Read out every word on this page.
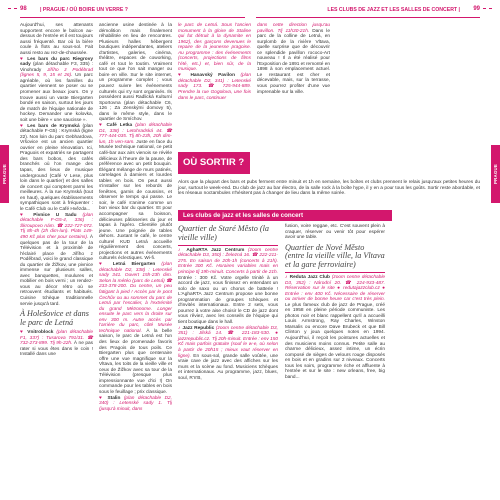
98	| PRAGUE / OÙ BOIRE UN VERRE ?	LES CLUBS DE JAZZ ET LES SALLES DE CONCERT | 99
PRAGUE	PRAGUE

Aujourd'hui, ses attenants supportent encore le balcon au-dessus de l'entrée et il est toujours aussi fréquenté. Bar où la bière coule à flots au sous-sol. Fait aussi resto au rez-de-chaussée.

♥ Les bars du parc Riegrovy sady (plan détachable F3, 335) : Vinohrady Jiřího z Poděbrad (lignes 5, 9, 15 et 26). Un parc agréable, où les familles du quartier viennent se poser ou se promener aux beaux jours. On y trouve aussi un vaste Biergarten bondé en saison, surtout les jours de match de l'équipe nationale de hockey. Demander une kolovka, soit une bière « une saucisse ».

♥ Les bars de Krymská (plan détachable F-G5) : Krymská (ligne 22). Non loin du parc Gebhardova, Vršovice est un ancien quartier ouvrier en pleine rénovation. Ici, Praguois et expatriés se partagent des bars bobos, des cafés branchés où l'on mange des tapas, des lieux de musique underground (Café V Lese, plus loin dans le quartier) et des salles de concert qui comptent parmi les meilleures. À la rue Krymská (tout en haut), quelques établissements sympathiques sont à fréquenter : le Café Club ou le Café Hvězda...

♥ Pivnice U Sadu (plan détachable F-G5-4, 336) : Škroupovo nám. ☎ 222-727-072. Tlj 8h-4h (2h dim-lun). Plats 149-490 Kč plus cher pour certains). À quelques pas de la tour de la Télévision et à proximité de l'éclairé place de Jiřího z Poděbrad, voici le grand classique du quartier de Žižkov, une pivnice immense sur plusieurs salles, avec banquettes, moulures et mobilier en bois verni ; un rendez-vous au décor rétro où se retrouvent étudiants et habitués. Cuisine tchèque traditionnelle servie jusqu'à tard.

À Holešovice et dans le parc de Letná

♥ Vnitroblock (plan détachable F1, 337) : Tusarova 791/31. ☎ 732-273-899. Tlj 9h-22h. À ne pas rater si vous êtes dans le coin ! Installé dans une

ancienne usine destinée à la démolition mais finalement réhabilitée en lieu de rencontres. Plusieurs halles hébergent boutiques indépendantes, ateliers d'artistes, galeries, cinéma, théâtre, espaces de coworking, café et tout le toutim. Vraiment tout ce que l'on sait manger ou boire en ville. Sur le site internet, un programme complet ; vous pouvez suivre les événements culturels qui s'y sont organisés. Ils possèdent aussi Radlická Kulturní Sportovna (plan détachable C6, 126 ; Za Zenskými domovy 5), dans le même style, dans le quartier de Smíchov.

♥ Café Letka (plan détachable D1, 338) : Letohradská 44. ☎ 777-444-035. Tlj 8h-23h, 20h dim-lun, 1h ven-sam. Juste en face du Musée technique national, ce petit café-bar aux airs vienois se révèle délicieux à l'heure de la pause, de préférence avec un petit bouquin. Élégant mélange de murs patinés, carrelages à damiers et lourdes tables en bois. On peut aussi s'installer sur les rebords de fenêtres, garnis de coussins, et observer le temps qui passe. Le soir, le café s'anime comme un bon vieux bar du quartier. Et pour accompagner sa boisson, délicieuses pâtisseries du jour et tapas à l'apéro. Clientèle plutôt jeune. Une poignée de tables dehors. Juxtant le café, le centre culturel KUD Letná accueille régulièrement des concerts, projections et autres événements culturels éclectiques. Wi-fi.

♥ Letná Biergarten (plan détachable D2, 338) : Letenské sady 341. Ouvert 15h-23h dim. Selon la météo (parc de Letná) ☎ 233-378-200. Du centre, un peu fatigant à pied ! Accès par le pont Čechův ou au sommet du parc de Letná par l'escalier, à l'extrémité du grand Métronome. Longer ensuite le parc vers la droite sur env 300 m. Autre accès par l'arrière du parc, côté Musée technique national. À la belle saison, le parc de Letná est l'un des lieux de promenade favoris des Pragois de tous poils. Ce Biergarten plus que centenaire offre une vue magnifique sur la Vltava, les toits de la vieille ville et ceux de Žižkov avec sa tour de la Télévision (presque plus impressionnante vue d'ici !) On commande pour les tables en bois sous le feuillage ; prix classique.

♥ Stalin (plan détachable D2, 340) : Letenské sady 1. Tlj (jusqu'à minuit, dans

le parc de Letná. Sous l'ancien monument à la gloire de Staline qui fut détruit à la dynamite en 1962), des garçons devenues le repaire de la jeunesse pragoise. Au programme : des événements (concerts, projections de films l'été, etc.) et, bien sûr, de la musique.

♥ Hanavský Pavilon (plan détachable D2, 341) : Letenské sady 173. ☎ 725-944-889. Prendre la rue Gogolova, une fois dans le parc, continuer

dans cette direction jusqu'au pavillon. Tlj 11h30-21h. Dans le parc de la colline de Letná, en surplomb de la rivière Vltava, quelle surprise que de découvrir ce splendide pavillon rococo-Art nouveau ! Il a été réalisé pour l'Exposition de 1891 et remonté en 1898 à son emplacement actuel. Le restaurant est cher et décevable, mais, sur la terrasse, vous pourrez profiter d'une vue imprenable sur la ville.

OÙ SORTIR ?

Alors que la plupart des bars et pubs ferment entre minuit et 1h en semaine, les boîtes et clubs prennent le relais jusqu'aux petites heures du jour, surtout le week-end. Du club de jazz au bar électro, de la salle rock à la boîte hype, il y en a pour tous les goûts. Sortir reste abordable, et les réseaux noctambules n'hésitent pas à changer de lieu dans la même soirée.

Les clubs de jazz et les salles de concert
Quartier de Staré Město (la vieille ville)

♪ AghaRTA Jazz Centrum (zoom centre détachable D3, 350) : Železná 16. ☎ 222-211-275. En saison de 20h-1h (concerts à 21h). Entrée 300 Kč. Horaires variables mais en principe tlj 19h-minuit. Concerts à partir de 21h. Entrée : 300 Kč. Votre orgelle trinité à un accord de jazz, vous finissez en entendant un solo de saxo ou un chorus de batterie ! L'AghaRTA Jazz Centrum propose une bonne programmation de groupes tchèques et d'invités internationaux. Entre 2 sets, vous pourrez à votre aise choisir le CD de jazz dont vous rêviez, avec les conseils de l'équipe qui tient boutique dans le hall.

♪ Jazz Republic (zoom centre détachable D3, 351) : Jilská 14. ☎ 221-183-530. ● jazzrepublic.cz. Tlj 20h-minuit. Entrée : env 150 Kč mais parfois gratuite (souf le w-e, où selon à partir de 20h15 ; mieux vaut réserver en ligne). En sous-sol, grande salle voûtée, une vraie cave de jazz avec des affiches sur les murs et la scène au fond. Musiciens tchèques et internationaux. Au programme, jazz, blues, soul, R'n'B,

fusion, voire reggae, etc. C'est souvent plein à craquer, réserver ou venir tôt pour espérer avoir une table.

Quartier de Nové Město (entre la vieille ville, la Vltava et la gare ferroviaire)

♪ Reduta Jazz Club (zoom centre détachable D3, 352) : Národní 20. ☎ 224-933-487. Réservation sur le site ● redutajazzclub.cz ● Entrée : env 400 Kč. Nécessaire de réserver ou arriver de bonne heure car c'est très plein. Le plus fameux club de jazz de Prague, créé en 1958 en pleine période communiste. Les photos noir et blanc rappellent qu'il a accueilli Louis Armstrong, Ray Charles, Winston Marsalis ou encore Dave Brubeck et que Bill Clinton y joua quelques notes en 1994. Aujourd'hui, il reçoit les pointures actuelles et des musiciens moins connus. Petite salle au charme délicieux, assez intime, un écrin composé de sièges de velours rouge disposés en bois et en gradins sur 2 niveaux. Concerts tous les soirs, programme riche et affluente à l'entrée et sur le site : new orleans, free, big band...
